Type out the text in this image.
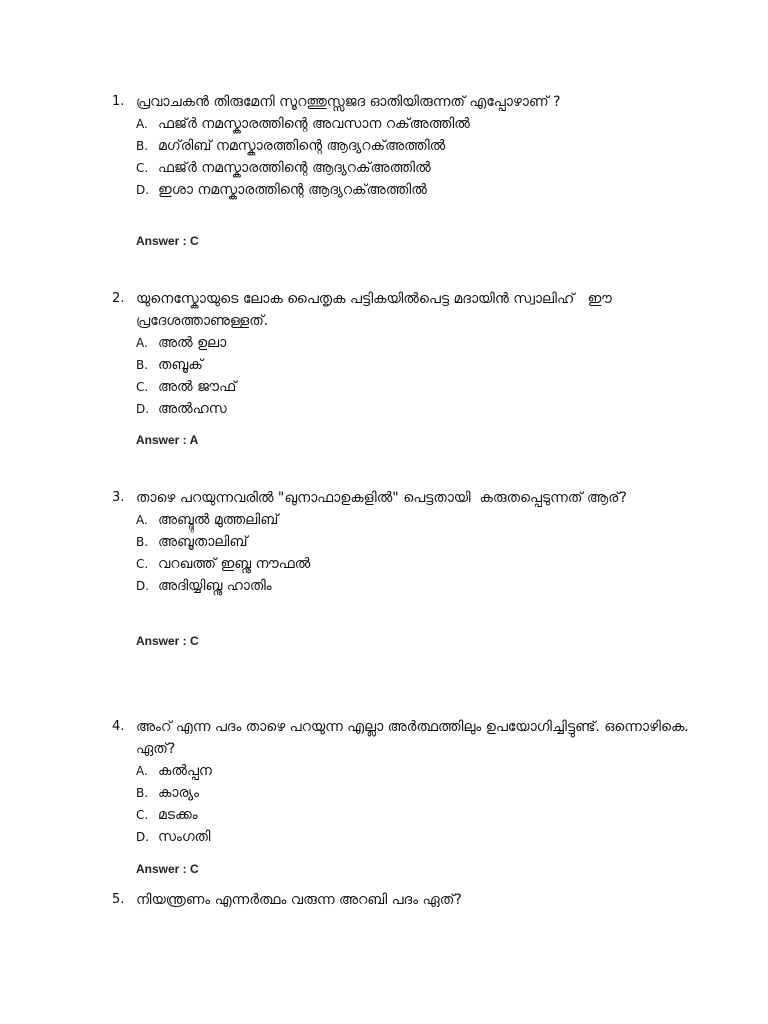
1. പ്രവാചകൻ തിരുമേനി സൂറത്തുസ്സജദ ഓതിയിരുന്നത് എപ്പോഴാണ് ?
A. ഫജ്ർ നമസ്കാരത്തിന്റെ അവസാന റക്അത്തിൽ
B. മഗ്‌രിബ് നമസ്കാരത്തിന്റെ ആദ്യറക്അത്തിൽ
C. ഫജ്ർ നമസ്കാരത്തിന്റെ ആദ്യറക്അത്തിൽ
D. ഇശാ നമസ്കാരത്തിന്റെ ആദ്യറക്അത്തിൽ
Answer : C
2. യുനെസ്കോയുടെ ലോക പൈതൃക പട്ടികയിൽപെട്ട മദായിൻ സ്വാലിഹ്   ഈ പ്രദേശത്താണുള്ളത്.
A. അൽ ഉലാ
B. തബൂക്
C. അൽ ജൗഫ്
D. അൽഹസ
Answer : A
3. താഴെ പറയുന്നവരിൽ "ഖുനാഫാഉകളിൽ" പെട്ടതായി  കരുതപ്പെടുന്നത് ആര്?
A. അബ്ദുൽ മുത്തലിബ്
B. അബൂതാലിബ്
C. വറഖത്ത് ഇബ്നു നൗഫൽ
D. അദിയ്യിബ്നു ഹാതിം
Answer : C
4. അംറ് എന്ന പദം താഴെ പറയുന്ന എല്ലാ അർത്ഥത്തിലും ഉപയോഗിച്ചിട്ടുണ്ട്. ഒന്നൊഴികെ. ഏത്?
A. കൽപ്പന
B. കാര്യം
C. മടക്കം
D. സംഗതി
Answer : C
5. നിയന്ത്രണം എന്നർത്ഥം വരുന്ന അറബി പദം ഏത്?
